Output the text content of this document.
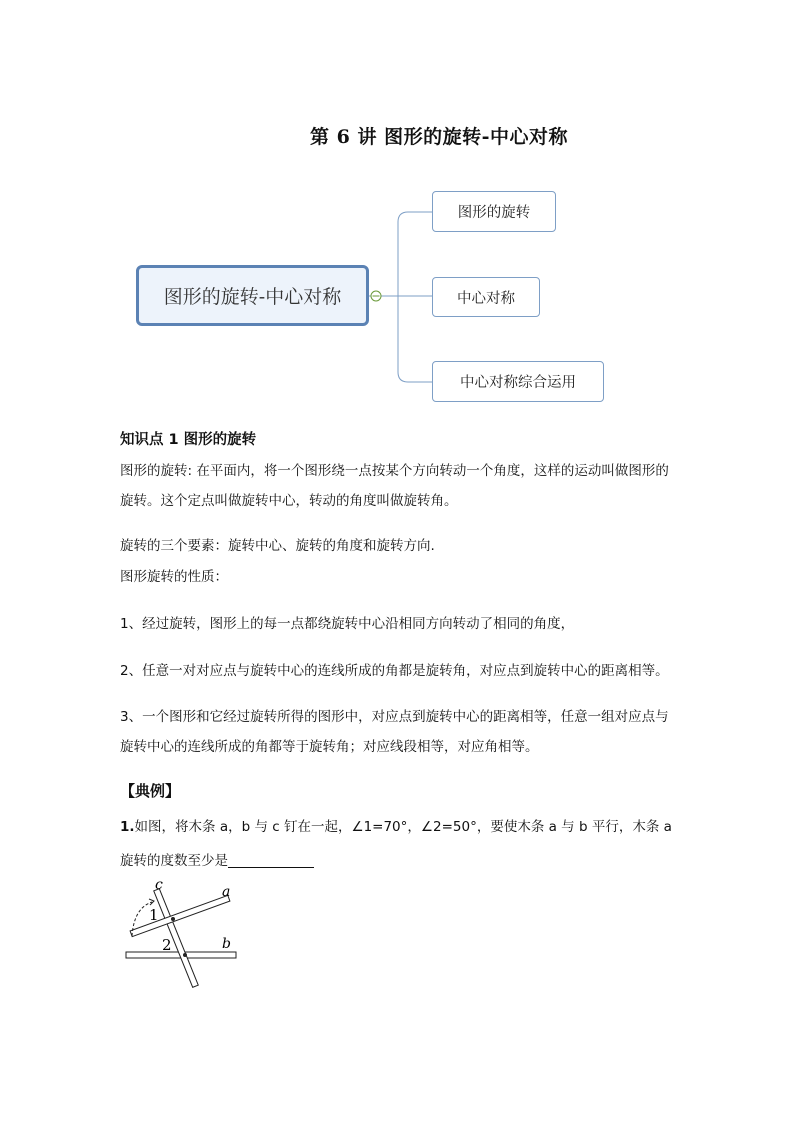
第 6 讲 图形的旋转-中心对称
图形的旋转-中心对称
图形的旋转
中心对称
中心对称综合运用
知识点 1 图形的旋转
图形的旋转: 在平面内，将一个图形绕一点按某个方向转动一个角度，这样的运动叫做图形的旋转。这个定点叫做旋转中心，转动的角度叫做旋转角。
旋转的三个要素：旋转中心、旋转的角度和旋转方向.
图形旋转的性质：
1、经过旋转，图形上的每一点都绕旋转中心沿相同方向转动了相同的角度，
2、任意一对对应点与旋转中心的连线所成的角都是旋转角，对应点到旋转中心的距离相等。
3、一个图形和它经过旋转所得的图形中，对应点到旋转中心的距离相等，任意一组对应点与旋转中心的连线所成的角都等于旋转角；对应线段相等，对应角相等。
【典例】
1.如图，将木条 a，b 与 c 钉在一起，∠1=70°，∠2=50°，要使木条 a 与 b 平行，木条 a 旋转的度数至少是
c	a
b
1
2
